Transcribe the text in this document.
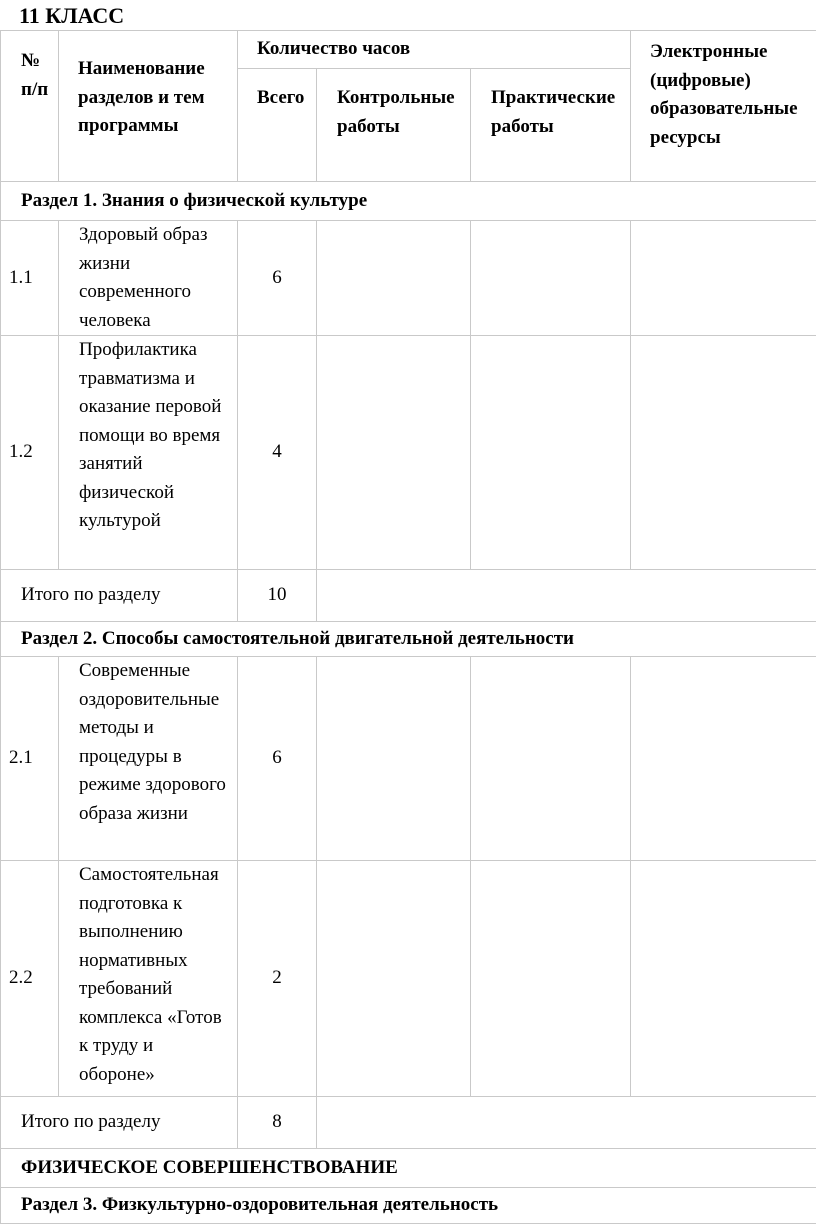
11 КЛАСС
№ п/п	Наименование разделов и тем программы	Количество часов			Электронные (цифровые) образовательные ресурсы
		Всего	Контрольные работы	Практические работы	
Раздел 1. Знания о физической культуре					
1.1	Здоровый образ жизни современного человека	6			
1.2	Профилактика травматизма и оказание перовой помощи во время занятий физической культурой	4			
Итого по разделу		10			
Раздел 2. Способы самостоятельной двигательной деятельности					
2.1	Современные оздоровительные методы и процедуры в режиме здорового образа жизни	6			
2.2	Самостоятельная подготовка к выполнению нормативных требований комплекса «Готов к труду и обороне»	2			
Итого по разделу		8			
ФИЗИЧЕСКОЕ СОВЕРШЕНСТВОВАНИЕ					
Раздел 3. Физкультурно-оздоровительная деятельность					
